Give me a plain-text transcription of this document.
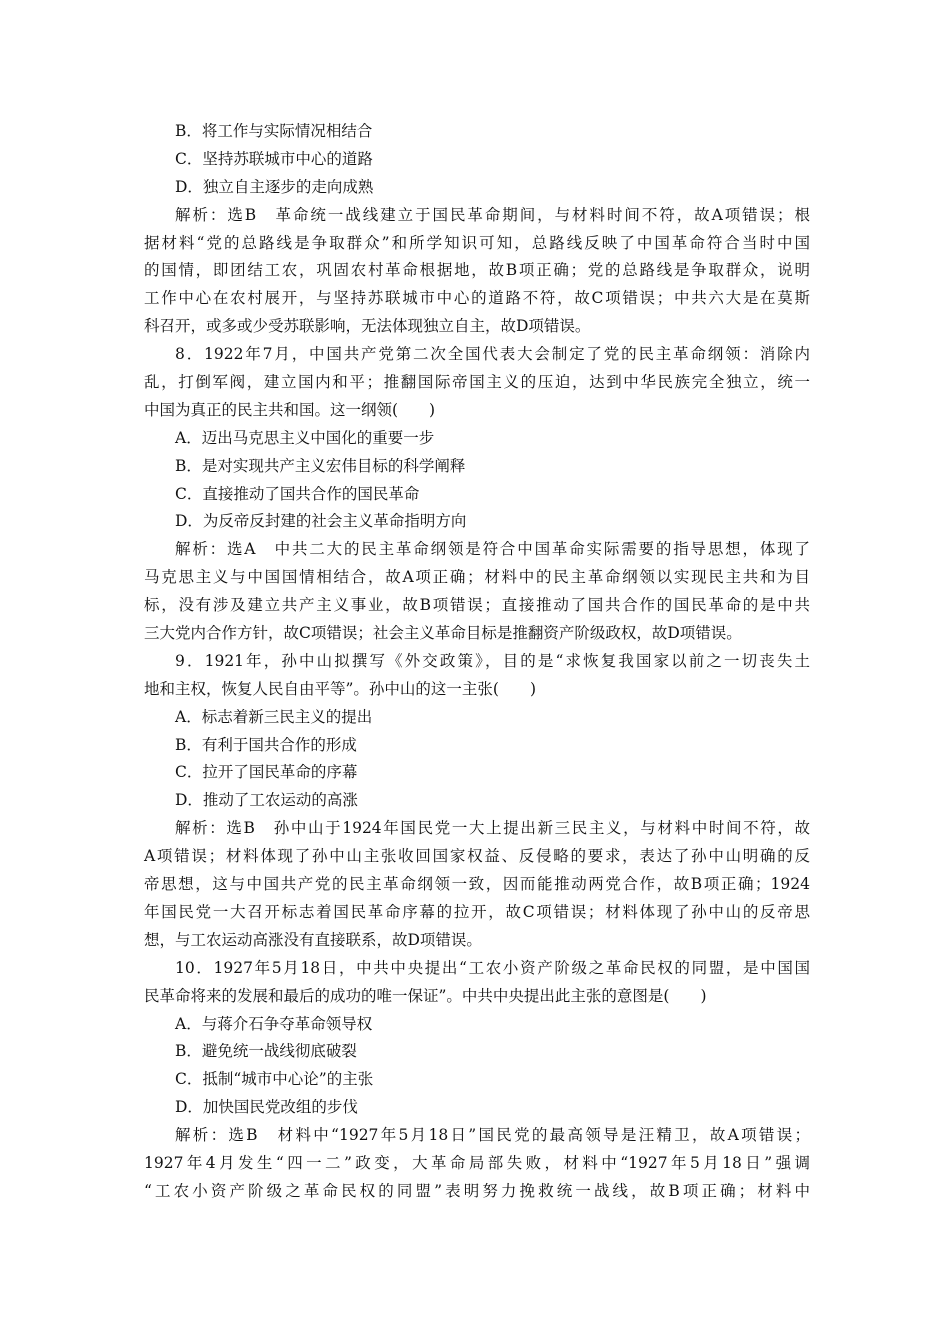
B．将工作与实际情况相结合
C．坚持苏联城市中心的道路
D．独立自主逐步的走向成熟
解析：选B　革命统一战线建立于国民革命期间，与材料时间不符，故A项错误；根
据材料“党的总路线是争取群众”和所学知识可知，总路线反映了中国革命符合当时中国
的国情，即团结工农，巩固农村革命根据地，故B项正确；党的总路线是争取群众，说明
工作中心在农村展开，与坚持苏联城市中心的道路不符，故C项错误；中共六大是在莫斯
科召开，或多或少受苏联影响，无法体现独立自主，故D项错误。
8．1922年7月，中国共产党第二次全国代表大会制定了党的民主革命纲领：消除内
乱，打倒军阀，建立国内和平；推翻国际帝国主义的压迫，达到中华民族完全独立，统一
中国为真正的民主共和国。这一纲领(　　)
A．迈出马克思主义中国化的重要一步
B．是对实现共产主义宏伟目标的科学阐释
C．直接推动了国共合作的国民革命
D．为反帝反封建的社会主义革命指明方向
解析：选A　中共二大的民主革命纲领是符合中国革命实际需要的指导思想，体现了
马克思主义与中国国情相结合，故A项正确；材料中的民主革命纲领以实现民主共和为目
标，没有涉及建立共产主义事业，故B项错误；直接推动了国共合作的国民革命的是中共
三大党内合作方针，故C项错误；社会主义革命目标是推翻资产阶级政权，故D项错误。
9．1921年，孙中山拟撰写《外交政策》，目的是“求恢复我国家以前之一切丧失土
地和主权，恢复人民自由平等”。孙中山的这一主张(　　)
A．标志着新三民主义的提出
B．有利于国共合作的形成
C．拉开了国民革命的序幕
D．推动了工农运动的高涨
解析：选B　孙中山于1924年国民党一大上提出新三民主义，与材料中时间不符，故
A项错误；材料体现了孙中山主张收回国家权益、反侵略的要求，表达了孙中山明确的反
帝思想，这与中国共产党的民主革命纲领一致，因而能推动两党合作，故B项正确；1924
年国民党一大召开标志着国民革命序幕的拉开，故C项错误；材料体现了孙中山的反帝思
想，与工农运动高涨没有直接联系，故D项错误。
10．1927年5月18日，中共中央提出“工农小资产阶级之革命民权的同盟，是中国国
民革命将来的发展和最后的成功的唯一保证”。中共中央提出此主张的意图是(　　)
A．与蒋介石争夺革命领导权
B．避免统一战线彻底破裂
C．抵制“城市中心论”的主张
D．加快国民党改组的步伐
解析：选B　材料中“1927年5月18日”国民党的最高领导是汪精卫，故A项错误；
1927年4月发生“四一二”政变，大革命局部失败，材料中“1927年5月18日”强调
“工农小资产阶级之革命民权的同盟”表明努力挽救统一战线，故B项正确；材料中
